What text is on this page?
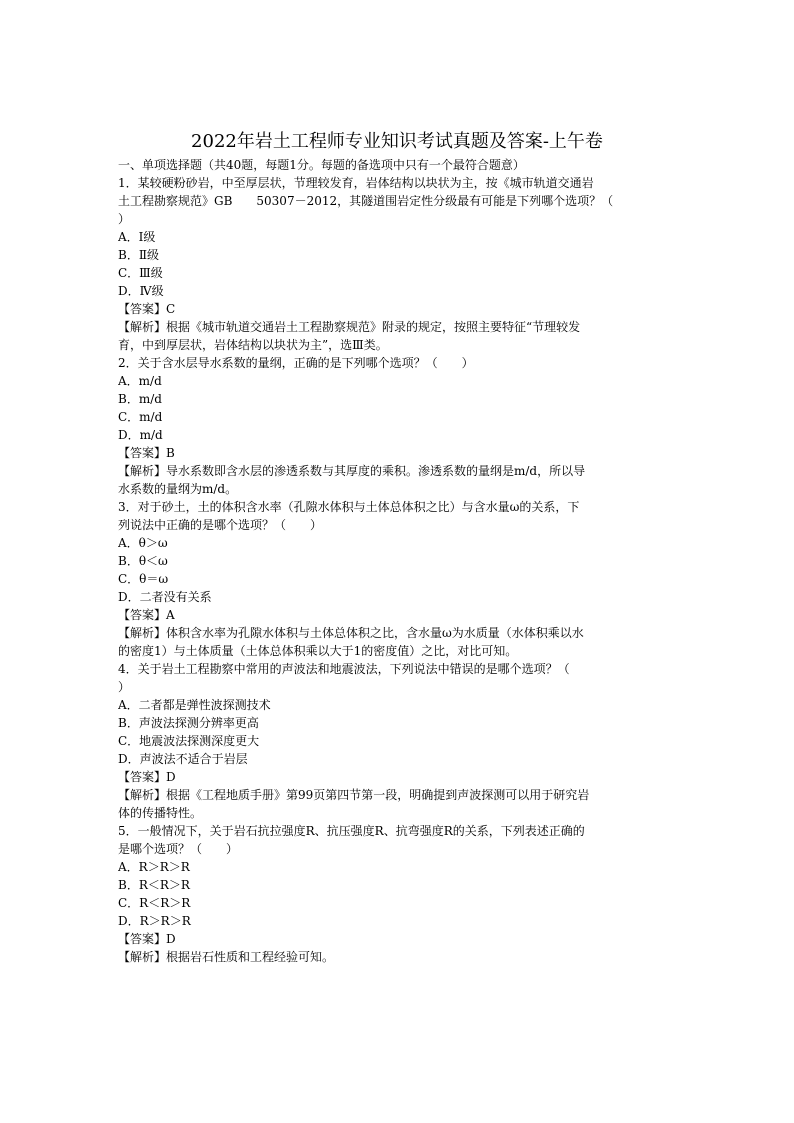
2022年岩土工程师专业知识考试真题及答案-上午卷
一、单项选择题（共40题，每题1分。每题的备选项中只有一个最符合题意）
1．某较硬粉砂岩，中至厚层状，节理较发育，岩体结构以块状为主，按《城市轨道交通岩
土工程勘察规范》GB　　50307－2012，其隧道围岩定性分级最有可能是下列哪个选项？（
）
A．Ⅰ级
B．Ⅱ级
C．Ⅲ级
D．Ⅳ级
【答案】C
【解析】根据《城市轨道交通岩土工程勘察规范》附录的规定，按照主要特征“节理较发
育，中到厚层状，岩体结构以块状为主”，选Ⅲ类。
2．关于含水层导水系数的量纲，正确的是下列哪个选项？（　　）
A．m/d
B．m/d
C．m/d
D．m/d
【答案】B
【解析】导水系数即含水层的渗透系数与其厚度的乘积。渗透系数的量纲是m/d，所以导
水系数的量纲为m/d。
3．对于砂土，土的体积含水率（孔隙水体积与土体总体积之比）与含水量ω的关系，下
列说法中正确的是哪个选项？（　　）
A．θ＞ω
B．θ＜ω
C．θ＝ω
D．二者没有关系
【答案】A
【解析】体积含水率为孔隙水体积与土体总体积之比，含水量ω为水质量（水体积乘以水
的密度1）与土体质量（土体总体积乘以大于1的密度值）之比，对比可知。
4．关于岩土工程勘察中常用的声波法和地震波法，下列说法中错误的是哪个选项？（
）
A．二者都是弹性波探测技术
B．声波法探测分辨率更高
C．地震波法探测深度更大
D．声波法不适合于岩层
【答案】D
【解析】根据《工程地质手册》第99页第四节第一段，明确提到声波探测可以用于研究岩
体的传播特性。
5．一般情况下，关于岩石抗拉强度R、抗压强度R、抗弯强度R的关系，下列表述正确的
是哪个选项？（　　）
A．R＞R＞R
B．R＜R＞R
C．R＜R＞R
D．R＞R＞R
【答案】D
【解析】根据岩石性质和工程经验可知。
